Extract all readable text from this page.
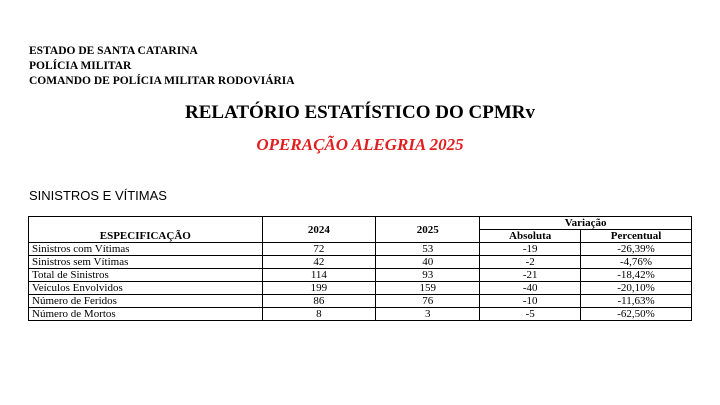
ESTADO DE SANTA CATARINA
POLÍCIA MILITAR
COMANDO DE POLÍCIA MILITAR RODOVIÁRIA
RELATÓRIO ESTATÍSTICO DO CPMRv
OPERAÇÃO ALEGRIA 2025
SINISTROS E VÍTIMAS
ESPECIFICAÇÃO	2024	2025	Variação	
			Absoluta	Percentual
Sinistros com Vítimas	72	53	-19	-26,39%
Sinistros sem Vítimas	42	40	-2	-4,76%
Total de Sinistros	114	93	-21	-18,42%
Veículos Envolvidos	199	159	-40	-20,10%
Número de Feridos	86	76	-10	-11,63%
Número de Mortos	8	3	-5	-62,50%
